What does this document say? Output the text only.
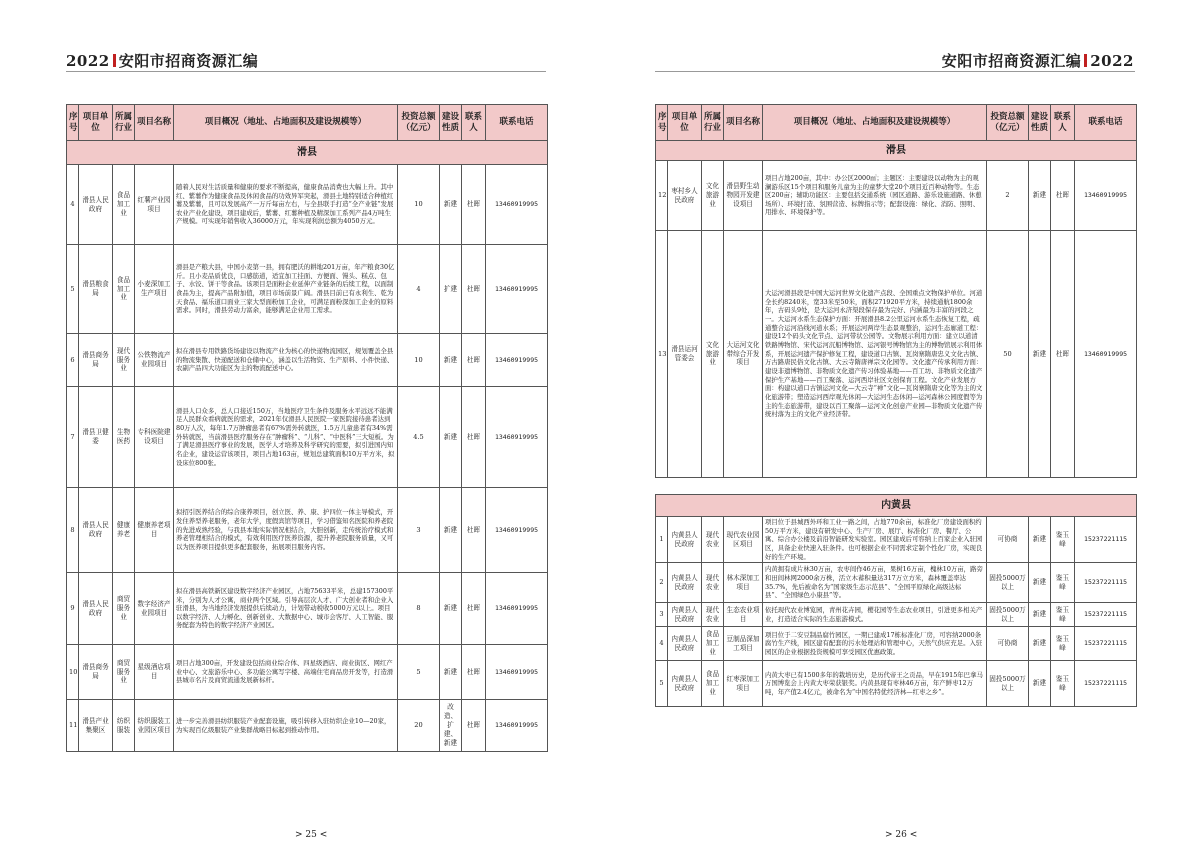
2022 安阳市招商资源汇编	安阳市招商资源汇编 2022
序号	项目单位	所属行业	项目名称	项目概况（地址、占地面积及建设规模等）	投资总额（亿元）	建设性质	联系人	联系电话
滑县								
4	滑县人民政府	食品加工业	红薯产业园项目	随着人民对生活质量和健康的要求不断提高，健康食品消费也大幅上升。其中红、紫薯作为健康食品及休闲食品的功效异军突起，滑县土地特别适合种植红薯及紫薯，且可以发展高产一万斤每亩左右，与全县联手打造“全产业链”发展农业产业化建设，项目建成后，紫薯、红薯种植及精深加工系列产品4万吨生产规模。可实现年销售收入36000万元，年实现利润总额为4050万元。	10	新建	杜晖	13460919995
5	滑县粮食局	食品加工业	小麦深加工生产项目	滑县是产粮大县，中国小麦第一县，拥有肥沃的耕地201万亩，年产粮食30亿斤。且小麦品质优良，口感筋道，适宜加工挂面、方便面、馒头、糕点、包子、水饺、饼干等食品。该项目是面粉企业延伸产业链条的后续工程，以面制食品为主，提高产品附加值，项目市场前景广阔。滑县目前已有永利生、乾为天食品、福乐道口面业三家大型面粉加工企业，可满足面粉深加工企业的原料需求。同时，滑县劳动力富余，能够满足企业用工需求。	4	扩建	杜晖	13460919995
6	滑县商务局	现代服务业	公铁物流产业园项目	拟在滑县专用铁路货场建设以物流产业为核心的快递物流园区，规划覆盖全县的物流集散、快递配送和仓储中心，涵盖以生活物资、生产原料、小件快递、农副产品四大功能区为主的物流配送中心。	10	新建	杜晖	13460919995
7	滑县卫健委	生物医药	专科医院建设项目	滑县人口众多，总人口接近150万，当地医疗卫生条件及服务水平远远不能满足人民群众看病就医的需求，2021年仅滑县人民医院一家医院接待患者达到80万人次，每年1.7万肿瘤患者有67%需外转就医，1.5万儿童患者有34%需外转就医，当前滑县医疗服务存在“肿瘤科”、“儿科”、“中医科”三大短板。为了满足滑县医疗事业的发展，医学人才培养及科学研究的需要，拟引进国内知名企业，建设运营该项目，项目占地163亩，规划总建筑面积10万平方米，拟设床位800张。	4.5	新建	杜晖	13460919995
8	滑县人民政府	健康养老	健康养老项目	拟招引医养结合的综合康养项目，创立医、养、康、护四位一体主导模式，开发住养型养老服务，老年大学，度假宾馆等项目，学习借鉴知名医院和养老院的先进成熟经验，与我县本地实际情况相结合，大胆创新，走传统治疗模式和养老管理相结合的模式，有效利用医疗医养资源，提升养老院服务质量，又可以为医养项目提供更多配套服务，拓展项目服务内容。	3	新建	杜晖	13460919995
9	滑县人民政府	商贸服务业	数字经济产业园项目	拟在滑县高铁新区建设数字经济产业园区，占地75633平米，总建157300平米，分别为人才公寓，商业两个区域。引导高层次人才、广大创业者和企业入驻滑县，为当地经济发展提供后续动力，计划带动税收5000万元以上。项目以数字经济、人力孵化、创新创业、大数据中心、城市会客厅、人工智能、服务配套为特色的数字经济产业园区。	8	新建	杜晖	13460919995
10	滑县商务局	商贸服务业	星级酒店项目	项目占地300亩，开发建设包括商业综合体、四星级酒店、商业街区、网红产业中心、文旅游乐中心、多功能公寓写字楼、高端住宅商品房开发等，打造滑县城市名片及商贸流通发展新标杆。	5	新建	杜晖	13460919995
11	滑县产业集聚区	纺织服装	纺织服装工业园区项目	进一步完善滑县纺织服装产业配套设施，吸引转移入驻纺织企业10—20家，为实现百亿级服装产业集群战略目标起到推动作用。	20	改造、扩建、新建	杜晖	13460919995
序号	项目单位	所属行业	项目名称	项目概况（地址、占地面积及建设规模等）	投资总额（亿元）	建设性质	联系人	联系电话
滑县								
12	枣村乡人民政府	文化旅游业	滑县野生动物园开发建设项目	项目占地200亩，其中：办公区2000㎡；主题区：主要建设以动物为主的观澜游乐区15个项目和服务儿童为主的童梦大堂20个项目近百种动物等。生态区200亩；辅助功能区：主要包括交通系统（园区道路、游乐设施道路、休憩场所）、环境打造、氛围营造、标牌指示等；配套设施：绿化、消防、照明、用排水、环境保护等。	2	新建	杜晖	13460919995
13	滑县运河管委会	文化旅游业	大运河文化带综合开发项目	大运河滑县段是中国大运河世界文化遗产点段、全国重点文物保护单位。河道全长约8240米，宽33米至50米，面积271920平方米，持续通航1800余年，古码头9处，是大运河永济渠段保存最为完好、内涵最为丰富的河段之一。大运河水系生态保护方面：开展滑县8.2公里运河水系生态恢复工程，疏通整合运河沿线河道水系；开展运河两岸生态景观整治，运河生态廊道工程：建设12个码头文化节点、运河带状公园等。文物展示利用方面：建立以道清铁路博物馆、宋代运河沉船博物馆、运河银号博物馆为主的博物馆展示利用体系，开展运河遗产保护修复工程，建设道口古镇、瓦岗寨隋唐忠义文化古镇、万古路唐民俗文化古镇、大云寺隋唐禅宗文化园等。文化遗产传承利用方面：建设非遗博物馆、非物质文化遗产传习体验基地——百工坊、非物质文化遗产保护生产基地——百工聚落、运河西岸社区文创保育工程。文化产业发展方面：构建以道口古镇运河文化—大云寺“禅”文化—瓦岗寨隋唐文化等为主的文化旅游带；塑造运河西岸观光休闲—大运河生态休闲—运河森林公园度假等为主的生态旅游带，建设以百工聚落—运河文化创意产业园—非物质文化遗产传统村落为主的文化产业经济带。	50	新建	杜晖	13460919995
内黄县								
1	内黄县人民政府	现代农业	现代农业园区项目	项目位于县城西外环和工业一路之间，占地770余亩，标准化厂房建设面积约50万平方米，建设有研发中心、生产厂房、展厅、标准化厂房、餐厅、公寓、综合办公楼及前沿智能研发实验室。园区建成后可容纳上百家企业入驻园区，具备企业快速入驻条件。也可根据企业不同需求定制个性化厂房，实现良好的生产环境。	可协商	新建	鉴玉峰	15237221115
2	内黄县人民政府	现代农业	林木深加工项目	内黄拥有成片林30万亩，农枣间作46万亩，果树16万亩，槐林10万亩，路旁和田间林网2000余万株，活立木蓄积量达317万立方米，森林覆盖率达35.7%，先后被命名为“国家级生态示范县”、“全国平原绿化高级达标县”、“全国绿色小康县”等。	固投5000万以上	新建	鉴玉峰	15237221115
3	内黄县人民政府	现代农业	生态农业项目	依托现代农业博览园，青州花卉园，樱花园等生态农业项目，引进更多相关产业，打造适合实际的生态旅游模式。	固投5000万以上	新建	鉴玉峰	15237221115
4	内黄县人民政府	食品加工业	豆制品深加工项目	项目位于二安豆制品腐竹园区，一期已建成17栋标准化厂房，可容纳2000条腐竹生产线，园区建有配套的污水处理站和管理中心，天然气供应充足。入驻园区的企业根据投资规模可享受园区优惠政策。	可协商	新建	鉴玉峰	15237221115
5	内黄县人民政府	食品加工业	红枣深加工项目	内黄大枣已有1500多年的栽培历史，是历代帝王之贡品，早在1915年巴拿马万国博览会上内黄大枣荣获银奖。内黄县现有枣林46万亩，年产鲜枣12万吨，年产值2.4亿元，被命名为“中国名特优经济林—红枣之乡”。	固投5000万以上	新建	鉴玉峰	15237221115
> 25 <	> 26 <
